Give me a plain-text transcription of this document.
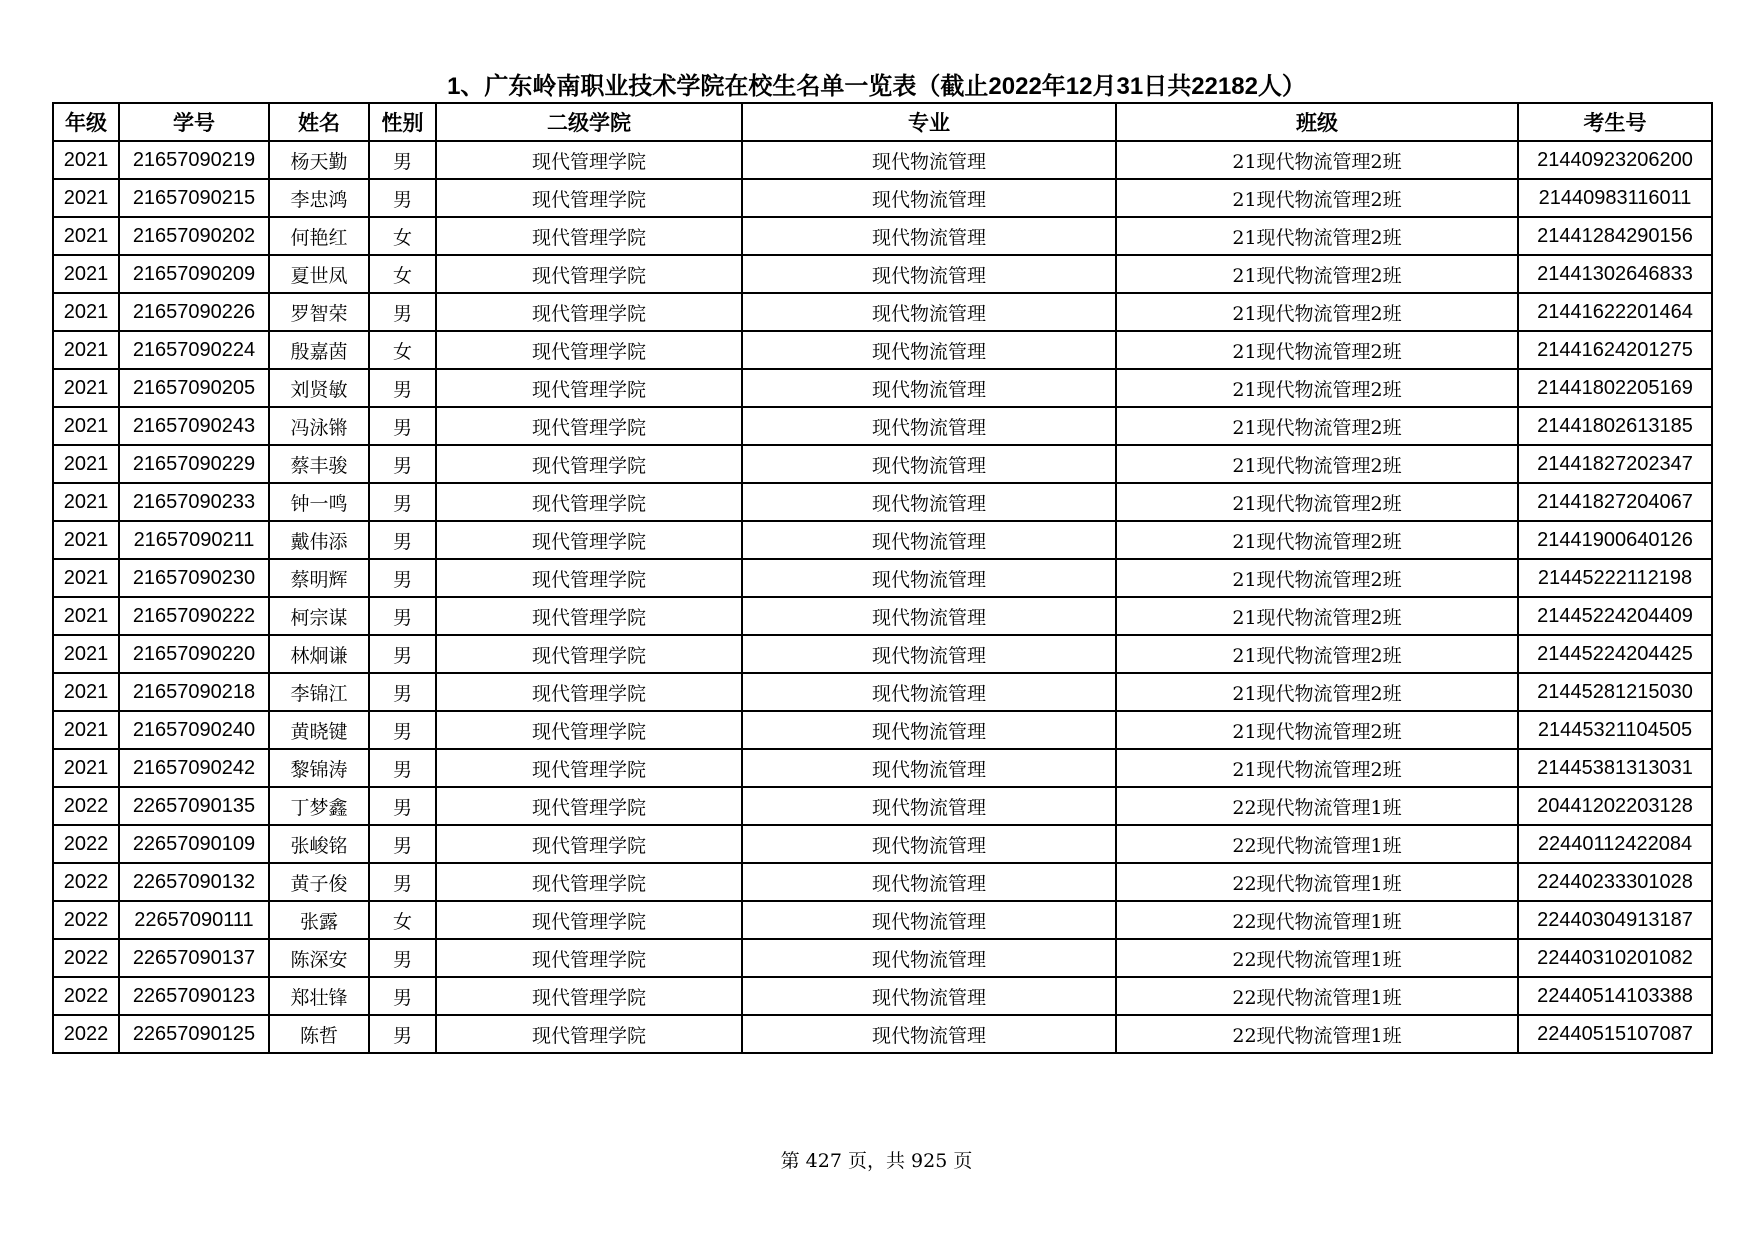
1、广东岭南职业技术学院在校生名单一览表（截止2022年12月31日共22182人）
年级	学号	姓名	性别	二级学院	专业	班级	考生号
2021	21657090219	杨天勤	男	现代管理学院	现代物流管理	21现代物流管理2班	21440923206200
2021	21657090215	李忠鸿	男	现代管理学院	现代物流管理	21现代物流管理2班	21440983116011
2021	21657090202	何艳红	女	现代管理学院	现代物流管理	21现代物流管理2班	21441284290156
2021	21657090209	夏世凤	女	现代管理学院	现代物流管理	21现代物流管理2班	21441302646833
2021	21657090226	罗智荣	男	现代管理学院	现代物流管理	21现代物流管理2班	21441622201464
2021	21657090224	殷嘉茵	女	现代管理学院	现代物流管理	21现代物流管理2班	21441624201275
2021	21657090205	刘贤敏	男	现代管理学院	现代物流管理	21现代物流管理2班	21441802205169
2021	21657090243	冯泳锵	男	现代管理学院	现代物流管理	21现代物流管理2班	21441802613185
2021	21657090229	蔡丰骏	男	现代管理学院	现代物流管理	21现代物流管理2班	21441827202347
2021	21657090233	钟一鸣	男	现代管理学院	现代物流管理	21现代物流管理2班	21441827204067
2021	21657090211	戴伟添	男	现代管理学院	现代物流管理	21现代物流管理2班	21441900640126
2021	21657090230	蔡明辉	男	现代管理学院	现代物流管理	21现代物流管理2班	21445222112198
2021	21657090222	柯宗谋	男	现代管理学院	现代物流管理	21现代物流管理2班	21445224204409
2021	21657090220	林炯谦	男	现代管理学院	现代物流管理	21现代物流管理2班	21445224204425
2021	21657090218	李锦江	男	现代管理学院	现代物流管理	21现代物流管理2班	21445281215030
2021	21657090240	黄晓键	男	现代管理学院	现代物流管理	21现代物流管理2班	21445321104505
2021	21657090242	黎锦涛	男	现代管理学院	现代物流管理	21现代物流管理2班	21445381313031
2022	22657090135	丁梦鑫	男	现代管理学院	现代物流管理	22现代物流管理1班	20441202203128
2022	22657090109	张峻铭	男	现代管理学院	现代物流管理	22现代物流管理1班	22440112422084
2022	22657090132	黄子俊	男	现代管理学院	现代物流管理	22现代物流管理1班	22440233301028
2022	22657090111	张露	女	现代管理学院	现代物流管理	22现代物流管理1班	22440304913187
2022	22657090137	陈深安	男	现代管理学院	现代物流管理	22现代物流管理1班	22440310201082
2022	22657090123	郑壮锋	男	现代管理学院	现代物流管理	22现代物流管理1班	22440514103388
2022	22657090125	陈哲	男	现代管理学院	现代物流管理	22现代物流管理1班	22440515107087
第 427 页，共 925 页
